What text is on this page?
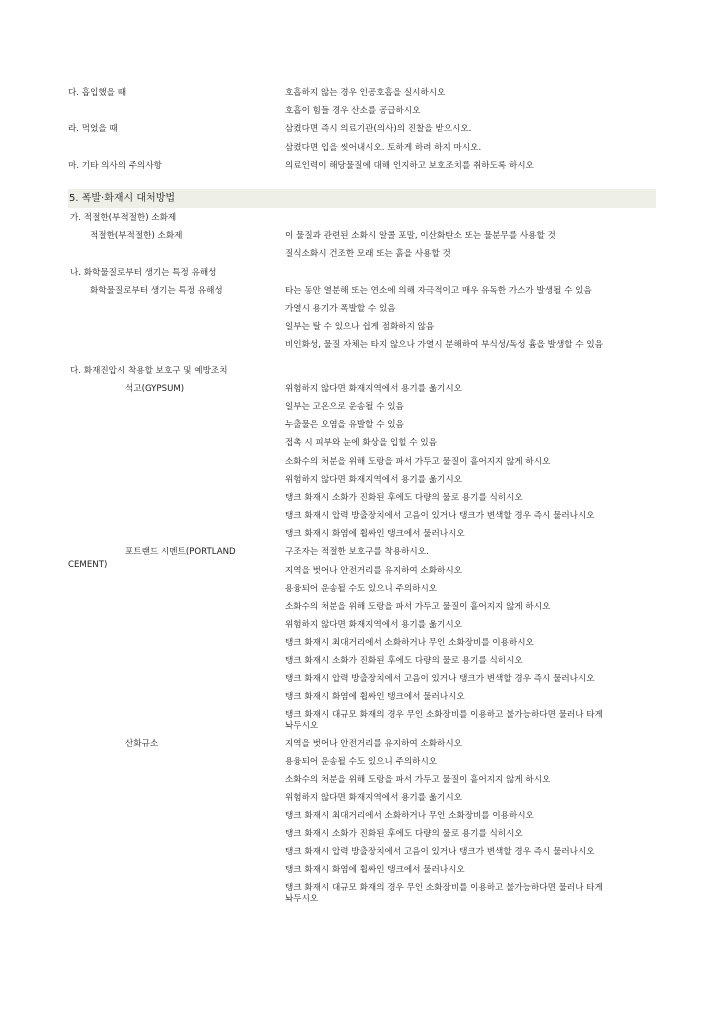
다. 흡입했을 때	호흡하지 않는 경우 인공호흡을 실시하시오
호흡이 힘들 경우 산소를 공급하시오
라. 먹었을 때	삼켰다면 즉시 의료기관(의사)의 진찰을 받으시오.
삼켰다면 입을 씻어내시오. 토하게 하려 하지 마시오.
마. 기타 의사의 주의사항	의료인력이 해당물질에 대해 인지하고 보호조치를 취하도록 하시오
5. 폭발·화재시 대처방법
가. 적절한(부적절한) 소화제
적절한(부적절한) 소화제	이 물질과 관련된 소화시 알콜 포말, 이산화탄소 또는 물분무를 사용할 것
질식소화시 건조한 모래 또는 흙을 사용할 것
나. 화학물질로부터 생기는 특정 유해성
화학물질로부터 생기는 특정 유해성	타는 동안 열분해 또는 연소에 의해 자극적이고 매우 유독한 가스가 발생될 수 있음
가열시 용기가 폭발할 수 있음
일부는 탈 수 있으나 쉽게 점화하지 않음
비인화성, 물질 자체는 타지 않으나 가열시 분해하여 부식성/독성 흄을 발생할 수 있음
다. 화재진압시 착용할 보호구 및 예방조치
석고(GYPSUM)	위험하지 않다면 화재지역에서 용기를 옮기시오
일부는 고온으로 운송될 수 있음
누출물은 오염을 유발할 수 있음
접촉 시 피부와 눈에 화상을 입힐 수 있음
소화수의 처분을 위해 도랑을 파서 가두고 물질이 흩어지지 않게 하시오
위험하지 않다면 화재지역에서 용기를 옮기시오
탱크 화재시 소화가 진화된 후에도 다량의 물로 용기를 식히시오
탱크 화재시 압력 방출장치에서 고음이 있거나 탱크가 변색할 경우 즉시 물러나시오
탱크 화재시 화염에 휩싸인 탱크에서 물러나시오
포트랜드 시멘트(PORTLAND	구조자는 적절한 보호구를 착용하시오.
CEMENT)
지역을 벗어나 안전거리를 유지하여 소화하시오
용융되어 운송될 수도 있으니 주의하시오
소화수의 처분을 위해 도랑을 파서 가두고 물질이 흩어지지 않게 하시오
위험하지 않다면 화재지역에서 용기를 옮기시오
탱크 화재시 최대거리에서 소화하거나 무인 소화장비를 이용하시오
탱크 화재시 소화가 진화된 후에도 다량의 물로 용기를 식히시오
탱크 화재시 압력 방출장치에서 고음이 있거나 탱크가 변색할 경우 즉시 물러나시오
탱크 화재시 화염에 휩싸인 탱크에서 물러나시오
탱크 화재시 대규모 화재의 경우 무인 소화장비를 이용하고 불가능하다면 물러나 타게
놔두시오
산화규소	지역을 벗어나 안전거리를 유지하여 소화하시오
용융되어 운송될 수도 있으니 주의하시오
소화수의 처분을 위해 도랑을 파서 가두고 물질이 흩어지지 않게 하시오
위험하지 않다면 화재지역에서 용기를 옮기시오
탱크 화재시 최대거리에서 소화하거나 무인 소화장비를 이용하시오
탱크 화재시 소화가 진화된 후에도 다량의 물로 용기를 식히시오
탱크 화재시 압력 방출장치에서 고음이 있거나 탱크가 변색할 경우 즉시 물러나시오
탱크 화재시 화염에 휩싸인 탱크에서 물러나시오
탱크 화재시 대규모 화재의 경우 무인 소화장비를 이용하고 불가능하다면 물러나 타게
놔두시오
